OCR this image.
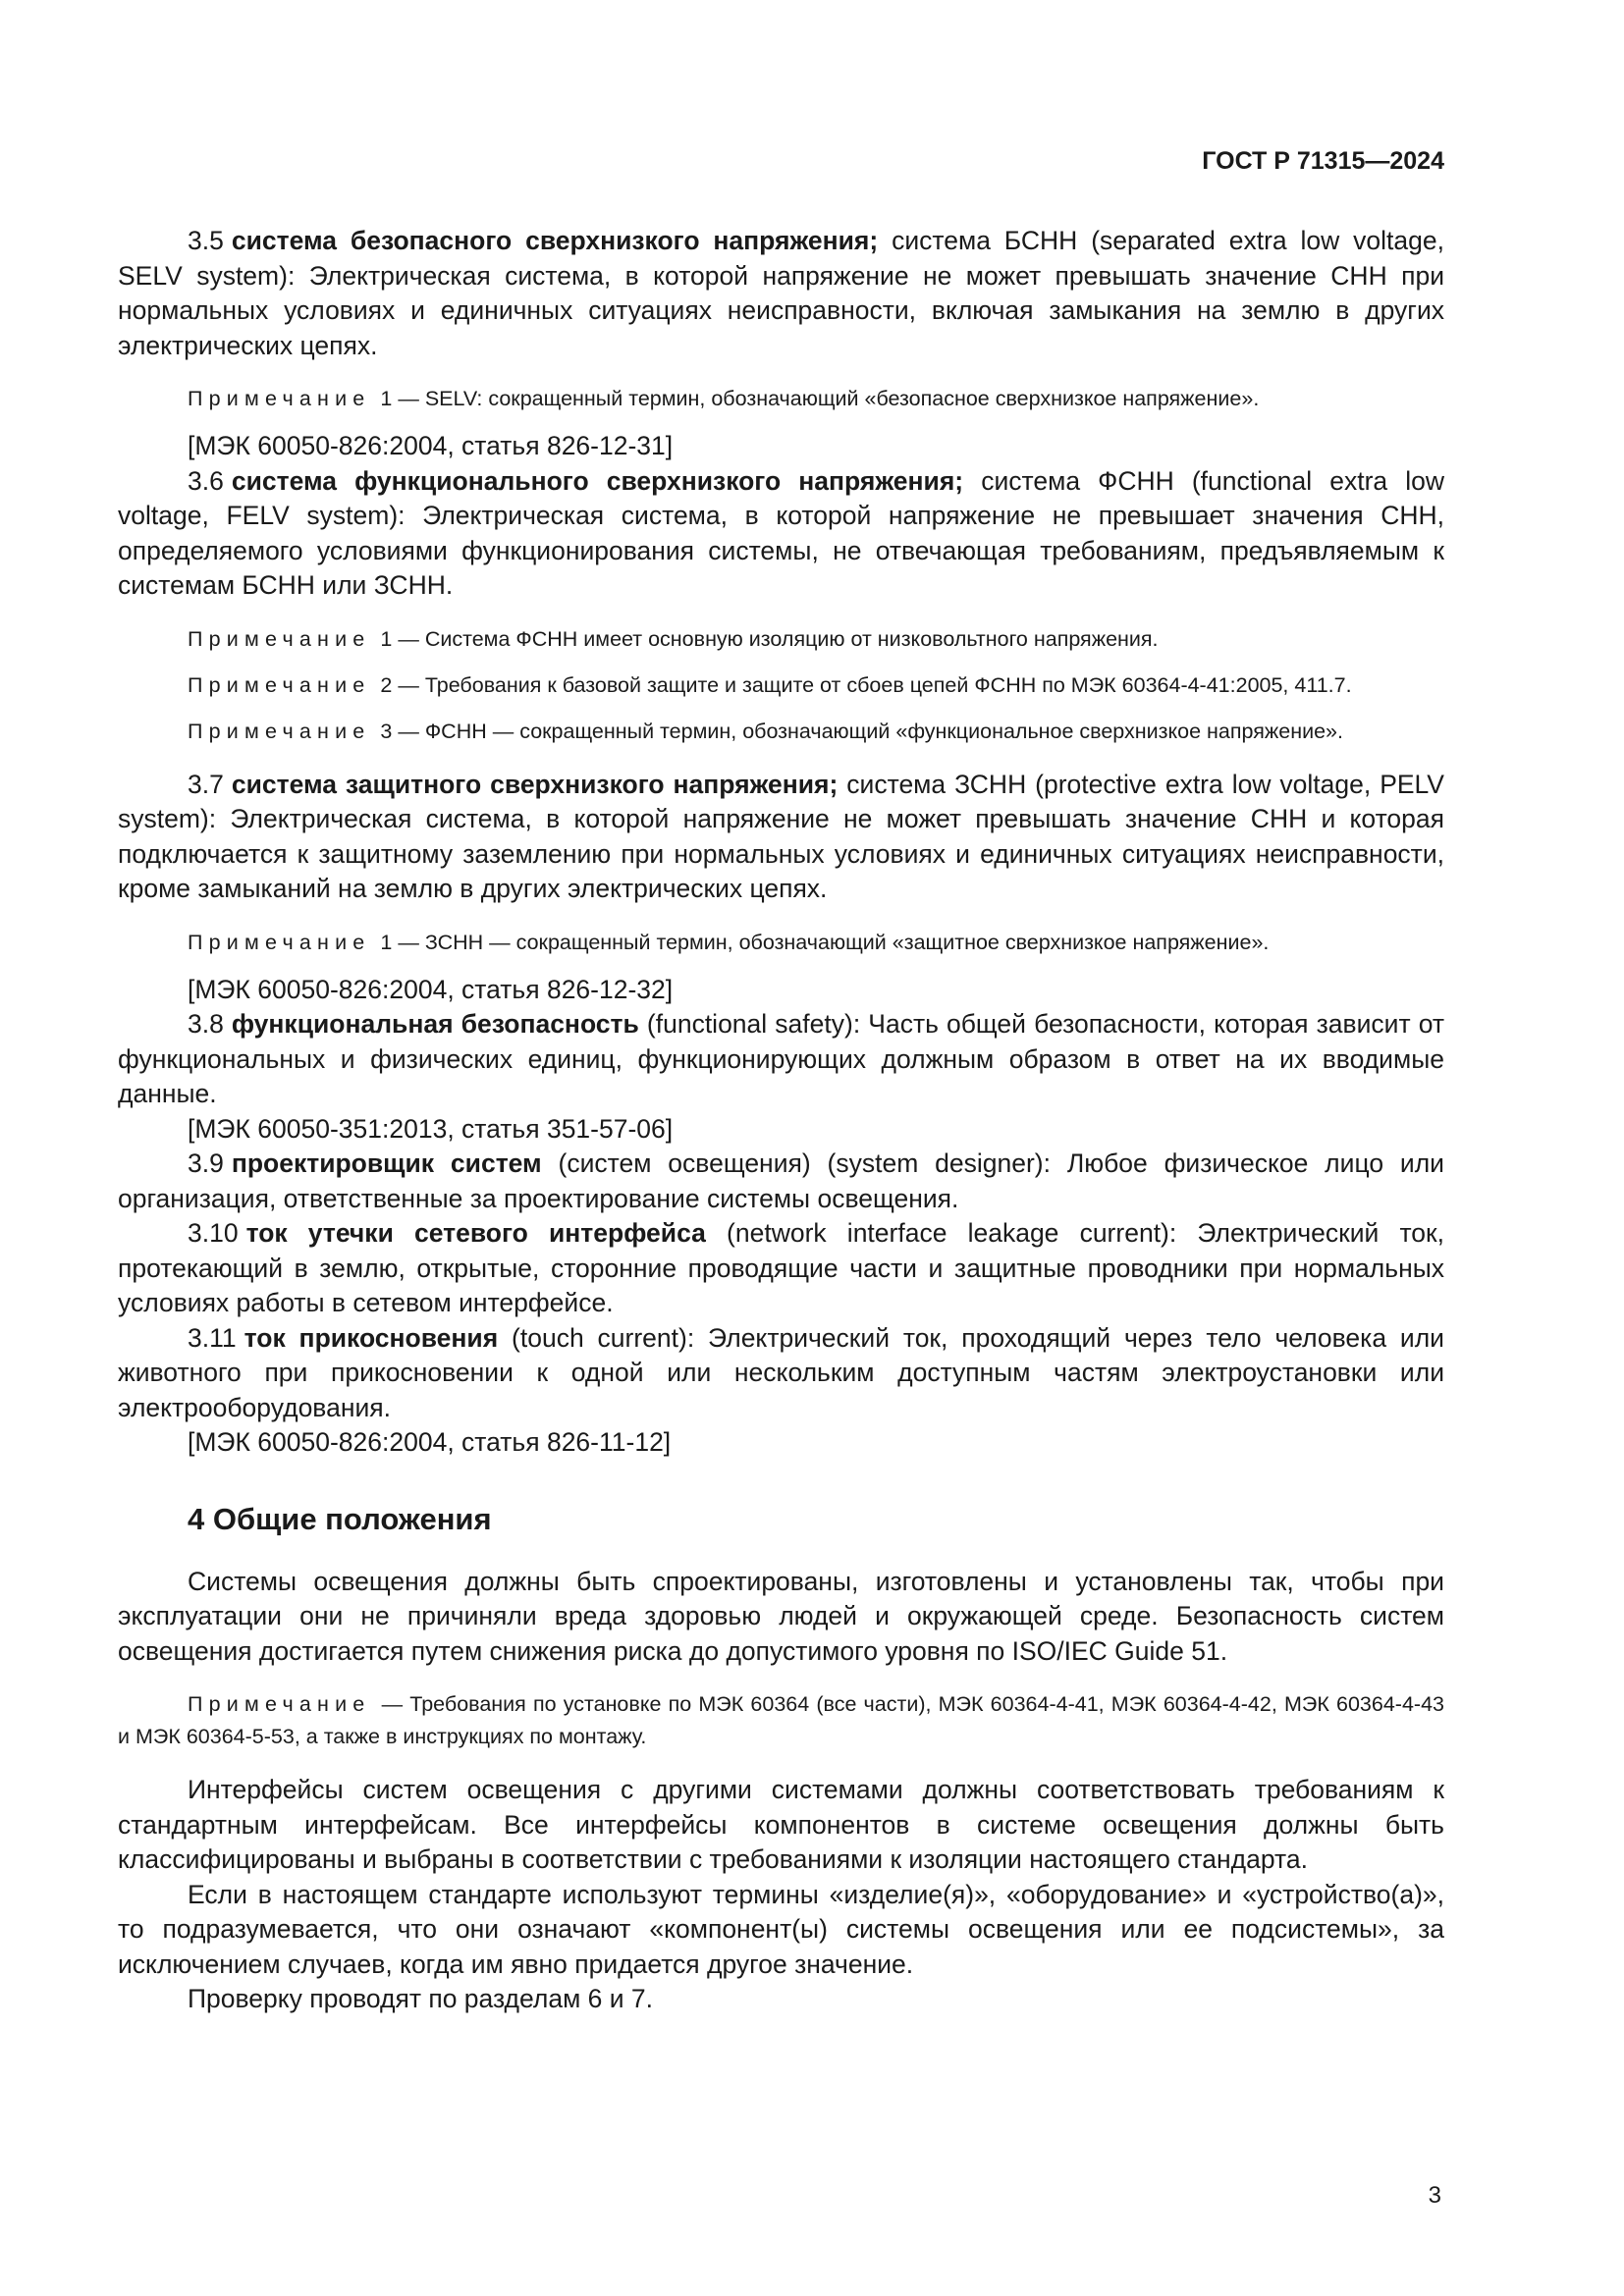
ГОСТ Р 71315—2024

3.5 система безопасного сверхнизкого напряжения; система БСНН (separated extra low voltage, SELV system): Электрическая система, в которой напряжение не может превышать значение СНН при нормальных условиях и единичных ситуациях неисправности, включая замыкания на землю в других электрических цепях.

Примечание 1 — SELV: сокращенный термин, обозначающий «безопасное сверхнизкое напряжение».

[МЭК 60050-826:2004, статья 826-12-31]

3.6 система функционального сверхнизкого напряжения; система ФСНН (functional extra low voltage, FELV system): Электрическая система, в которой напряжение не превышает значения СНН, определяемого условиями функционирования системы, не отвечающая требованиям, предъявляемым к системам БСНН или ЗСНН.

Примечание 1 — Система ФСНН имеет основную изоляцию от низковольтного напряжения.

Примечание 2 — Требования к базовой защите и защите от сбоев цепей ФСНН по МЭК 60364-4-41:2005, 411.7.

Примечание 3 — ФСНН — сокращенный термин, обозначающий «функциональное сверхнизкое напряжение».

3.7 система защитного сверхнизкого напряжения; система ЗСНН (protective extra low voltage, PELV system): Электрическая система, в которой напряжение не может превышать значение СНН и которая подключается к защитному заземлению при нормальных условиях и единичных ситуациях неисправности, кроме замыканий на землю в других электрических цепях.

Примечание 1 — ЗСНН — сокращенный термин, обозначающий «защитное сверхнизкое напряжение».

[МЭК 60050-826:2004, статья 826-12-32]

3.8 функциональная безопасность (functional safety): Часть общей безопасности, которая зависит от функциональных и физических единиц, функционирующих должным образом в ответ на их вводимые данные.

[МЭК 60050-351:2013, статья 351-57-06]

3.9 проектировщик систем (систем освещения) (system designer): Любое физическое лицо или организация, ответственные за проектирование системы освещения.

3.10 ток утечки сетевого интерфейса (network interface leakage current): Электрический ток, протекающий в землю, открытые, сторонние проводящие части и защитные проводники при нормальных условиях работы в сетевом интерфейсе.

3.11 ток прикосновения (touch current): Электрический ток, проходящий через тело человека или животного при прикосновении к одной или нескольким доступным частям электроустановки или электрооборудования.

[МЭК 60050-826:2004, статья 826-11-12]

4 Общие положения

Системы освещения должны быть спроектированы, изготовлены и установлены так, чтобы при эксплуатации они не причиняли вреда здоровью людей и окружающей среде. Безопасность систем освещения достигается путем снижения риска до допустимого уровня по ISO/IEC Guide 51.

Примечание — Требования по установке по МЭК 60364 (все части), МЭК 60364-4-41, МЭК 60364-4-42, МЭК 60364-4-43 и МЭК 60364-5-53, а также в инструкциях по монтажу.

Интерфейсы систем освещения с другими системами должны соответствовать требованиям к стандартным интерфейсам. Все интерфейсы компонентов в системе освещения должны быть классифицированы и выбраны в соответствии с требованиями к изоляции настоящего стандарта.

Если в настоящем стандарте используют термины «изделие(я)», «оборудование» и «устройство(а)», то подразумевается, что они означают «компонент(ы) системы освещения или ее подсистемы», за исключением случаев, когда им явно придается другое значение.

Проверку проводят по разделам 6 и 7.

3
